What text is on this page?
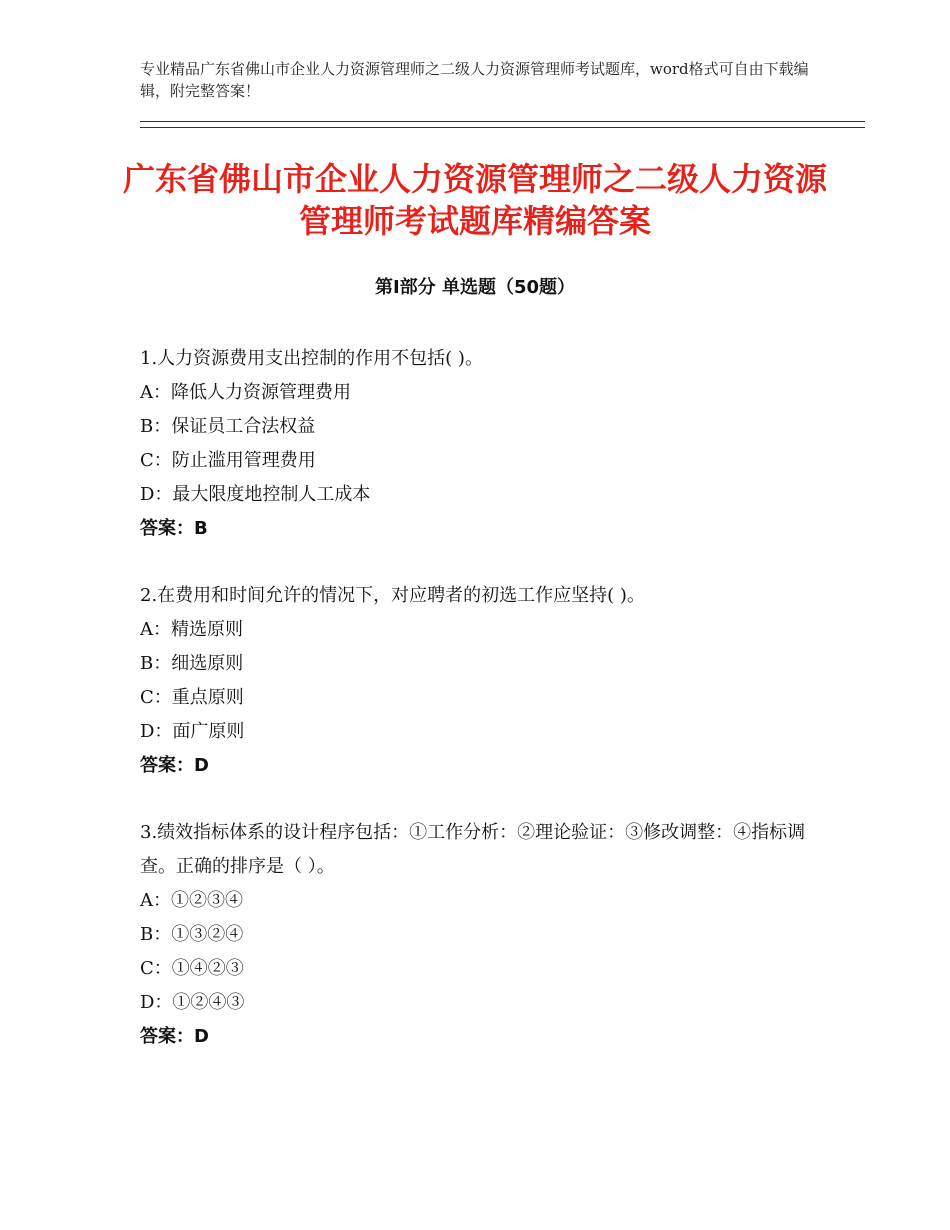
专业精品广东省佛山市企业人力资源管理师之二级人力资源管理师考试题库，word格式可自由下载编辑，附完整答案！
广东省佛山市企业人力资源管理师之二级人力资源管理师考试题库精编答案
第Ⅰ部分 单选题（50题）

1.人力资源费用支出控制的作用不包括( )。

A：降低人力资源管理费用
B：保证员工合法权益
C：防止滥用管理费用
D：最大限度地控制人工成本

答案：B

2.在费用和时间允许的情况下，对应聘者的初选工作应坚持( )。

A：精选原则
B：细选原则
C：重点原则
D：面广原则

答案：D

3.绩效指标体系的设计程序包括：①工作分析：②理论验证：③修改调整：④指标调查。正确的排序是（ ）。

A：①②③④
B：①③②④
C：①④②③
D：①②④③

答案：D
